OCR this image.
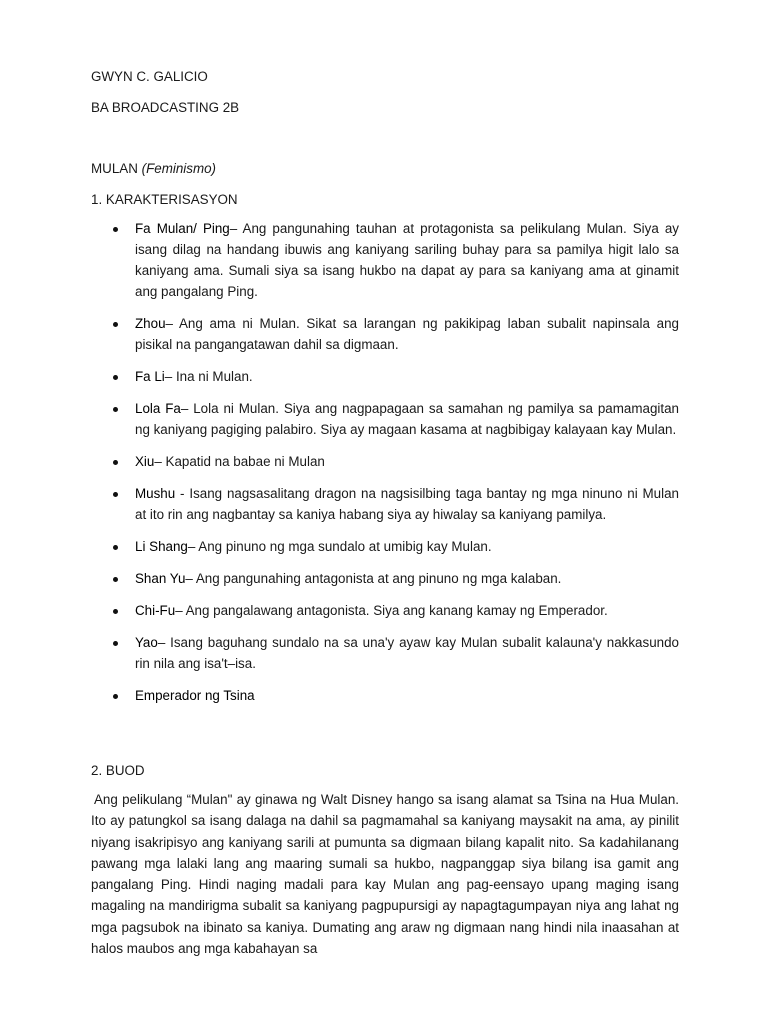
GWYN C. GALICIO

BA BROADCASTING 2B

MULAN (Feminismo)

1. KARAKTERISASYON

Fa Mulan/ Ping– Ang pangunahing tauhan at protagonista sa pelikulang Mulan. Siya ay isang dilag na handang ibuwis ang kaniyang sariling buhay para sa pamilya higit lalo sa kaniyang ama. Sumali siya sa isang hukbo na dapat ay para sa kaniyang ama at ginamit ang pangalang Ping.
Zhou– Ang ama ni Mulan. Sikat sa larangan ng pakikipag laban subalit napinsala ang pisikal na pangangatawan dahil sa digmaan.
Fa Li– Ina ni Mulan.
Lola Fa– Lola ni Mulan. Siya ang nagpapagaan sa samahan ng pamilya sa pamamagitan ng kaniyang pagiging palabiro. Siya ay magaan kasama at nagbibigay kalayaan kay Mulan.
Xiu– Kapatid na babae ni Mulan
Mushu - Isang nagsasalitang dragon na nagsisilbing taga bantay ng mga ninuno ni Mulan at ito rin ang nagbantay sa kaniya habang siya ay hiwalay sa kaniyang pamilya.
Li Shang– Ang pinuno ng mga sundalo at umibig kay Mulan.
Shan Yu– Ang pangunahing antagonista at ang pinuno ng mga kalaban.
Chi-Fu– Ang pangalawang antagonista. Siya ang kanang kamay ng Emperador.
Yao– Isang baguhang sundalo na sa una'y ayaw kay Mulan subalit kalauna'y nakkasundo rin nila ang isa't–isa.
Emperador ng Tsina

2. BUOD

Ang pelikulang “Mulan" ay ginawa ng Walt Disney hango sa isang alamat sa Tsina na Hua Mulan. Ito ay patungkol sa isang dalaga na dahil sa pagmamahal sa kaniyang maysakit na ama, ay pinilit niyang isakripisyo ang kaniyang sarili at pumunta sa digmaan bilang kapalit nito. Sa kadahilanang pawang mga lalaki lang ang maaring sumali sa hukbo, nagpanggap siya bilang isa gamit ang pangalang Ping. Hindi naging madali para kay Mulan ang pag-eensayo upang maging isang magaling na mandirigma subalit sa kaniyang pagpupursigi ay napagtagumpayan niya ang lahat ng mga pagsubok na ibinato sa kaniya. Dumating ang araw ng digmaan nang hindi nila inaasahan at halos maubos ang mga kabahayan sa
